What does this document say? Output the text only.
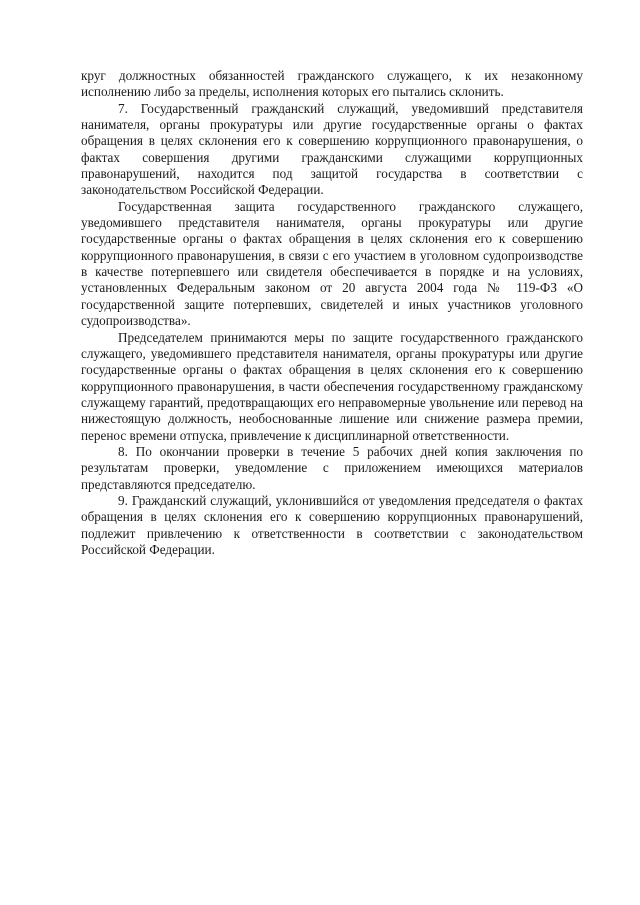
круг должностных обязанностей гражданского служащего, к их незаконному исполнению либо за пределы, исполнения которых его пытались склонить.

7. Государственный гражданский служащий, уведомивший представителя нанимателя, органы прокуратуры или другие государственные органы о фактах обращения в целях склонения его к совершению коррупционного правонарушения, о фактах совершения другими гражданскими служащими коррупционных правонарушений, находится под защитой государства в соответствии с законодательством Российской Федерации.

Государственная защита государственного гражданского служащего, уведомившего представителя нанимателя, органы прокуратуры или другие государственные органы о фактах обращения в целях склонения его к совершению коррупционного правонарушения, в связи с его участием в уголовном судопроизводстве в качестве потерпевшего или свидетеля обеспечивается в порядке и на условиях, установленных Федеральным законом от 20 августа 2004 года № 119-ФЗ «О государственной защите потерпевших, свидетелей и иных участников уголовного судопроизводства».

Председателем принимаются меры по защите государственного гражданского служащего, уведомившего представителя нанимателя, органы прокуратуры или другие государственные органы о фактах обращения в целях склонения его к совершению коррупционного правонарушения, в части обеспечения государственному гражданскому служащему гарантий, предотвращающих его неправомерные увольнение или перевод на нижестоящую должность, необоснованные лишение или снижение размера премии, перенос времени отпуска, привлечение к дисциплинарной ответственности.

8. По окончании проверки в течение 5 рабочих дней копия заключения по результатам проверки, уведомление с приложением имеющихся материалов представляются председателю.

9. Гражданский служащий, уклонившийся от уведомления председателя о фактах обращения в целях склонения его к совершению коррупционных правонарушений, подлежит привлечению к ответственности в соответствии с законодательством Российской Федерации.
